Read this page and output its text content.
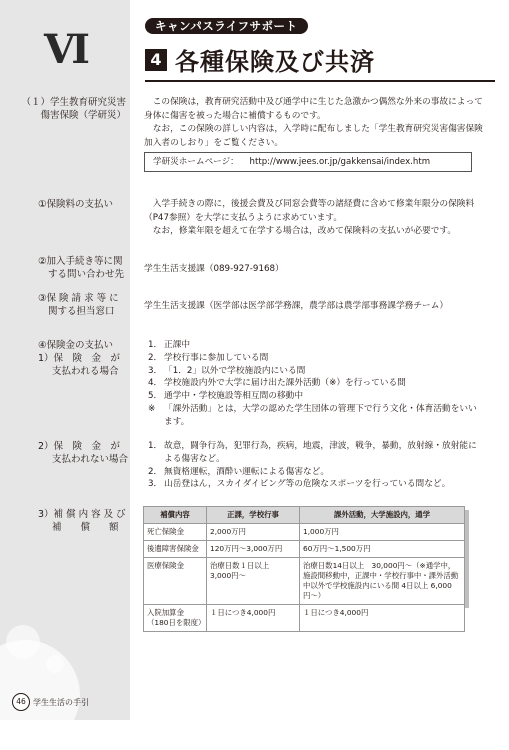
Ⅵ	キャンパスライフサポート
4 各種保険及び共済
（１）学生教育研究災害
傷害保険（学研災）

この保険は，教育研究活動中及び通学中に生じた急激かつ偶然な外来の事故によって身体に傷害を被った場合に補償するものです。

なお，この保険の詳しい内容は，入学時に配布しました「学生教育研究災害傷害保険加入者のしおり」をご覧ください。

学研災ホームページ： http://www.jees.or.jp/gakkensai/index.htm
①保険料の支払い	入学手続きの際に，後援会費及び同窓会費等の諸経費に含めて修業年限分の保険料（P47参照）を大学に支払うように求めています。

なお，修業年限を超えて在学する場合は，改めて保険料の支払いが必要です。

②加入手続き等に関
する問い合わせ先	学生生活支援課（089-927-9168）

③保 険 請 求 等 に
関する担当窓口	学生生活支援課（医学部は医学部学務課，農学部は農学部事務課学務チーム）

④保険金の支払い
1）保　険　金　が
支払われる場合
1． 正課中
2． 学校行事に参加している間
3． 「1．2」以外で学校施設内にいる間
4． 学校施設内外で大学に届け出た課外活動（※）を行っている間
5． 通学中・学校施設等相互間の移動中
※	「課外活動」とは，大学の認めた学生団体の管理下で行う文化・体育活動をいいます。
2）保　険　金　が
支払われない場合
1． 故意，闘争行為，犯罪行為，疾病，地震，津波，戦争，暴動，放射線・放射能による傷害など。
2． 無資格運転，酒酔い運転による傷害など。
3． 山岳登はん，スカイダイビング等の危険なスポーツを行っている間など。
3）補 償 内 容 及 び
補　　償　　額
補償内容	正課，学校行事	課外活動，大学施設内，通学
死亡保険金	2,000万円	1,000万円
後遺障害保険金	120万円〜3,000万円	60万円〜1,500万円
医療保険金	治療日数１日以上　　　　3,000円〜	治療日数14日以上　30,000円〜（※通学中，施設間移動中，正課中・学校行事中・課外活動中以外で学校施設内にいる間 4日以上 6,000円〜）
入院加算金（180日を限度）	１日につき4,000円	１日につき4,000円
46 学生生活の手引
